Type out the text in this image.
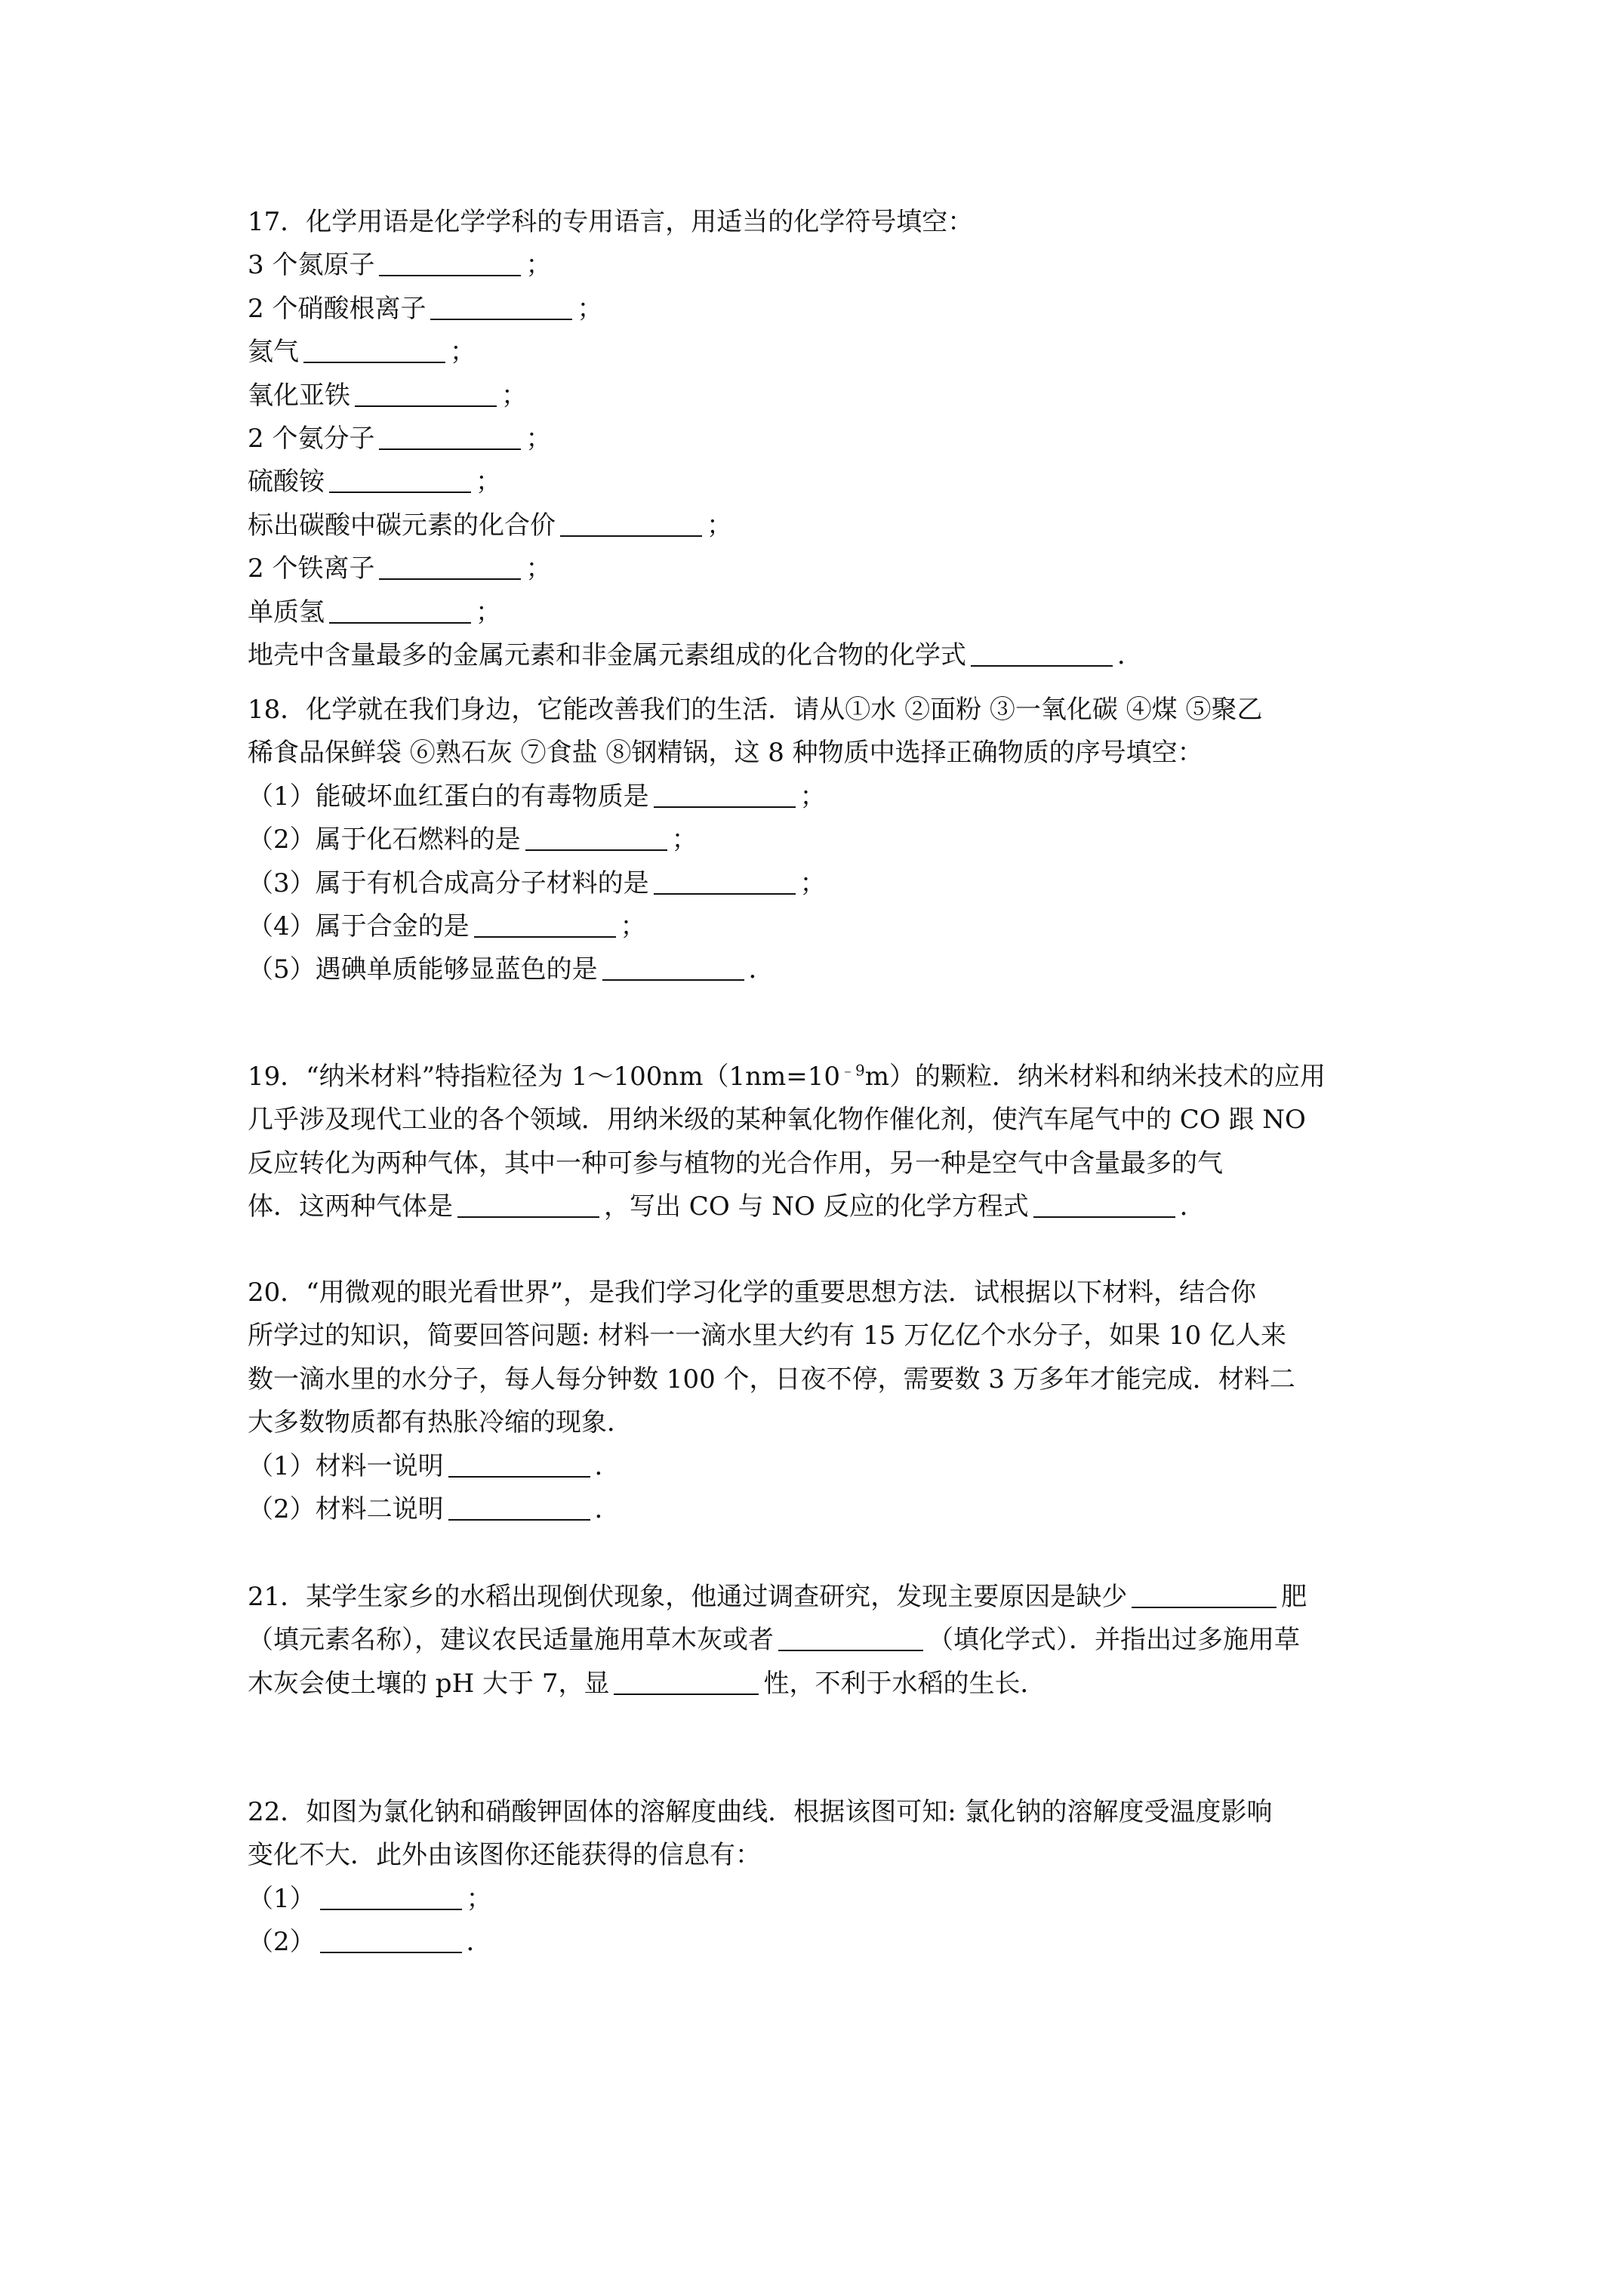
17．化学用语是化学学科的专用语言，用适当的化学符号填空：
3 个氮原子	；
2 个硝酸根离子	；
氦气	；
氧化亚铁	；
2 个氨分子	；
硫酸铵	；
标出碳酸中碳元素的化合价	；
2 个铁离子	；
单质氢	；
地壳中含量最多的金属元素和非金属元素组成的化合物的化学式	．
18．化学就在我们身边，它能改善我们的生活．请从①水 ②面粉 ③一氧化碳 ④煤 ⑤聚乙
稀食品保鲜袋 ⑥熟石灰 ⑦食盐 ⑧钢精锅，这 8 种物质中选择正确物质的序号填空：
（1）能破坏血红蛋白的有毒物质是	；
（2）属于化石燃料的是	；
（3）属于有机合成高分子材料的是	；
（4）属于合金的是	；
（5）遇碘单质能够显蓝色的是	．
19．“纳米材料”特指粒径为 $1\sim 100nm(1nm=10^{﹣9}m)$的颗粒．纳米材料和纳米技术的应用
几乎涉及现代工业的各个领域．用纳米级的某种氧化物作催化剂，使汽车尾气中的 CO 跟 NO
反应转化为两种气体，其中一种可参与植物的光合作用，另一种是空气中含量最多的气
体．这两种气体是	，写出 CO 与 NO 反应的化学方程式	．
20．“用微观的眼光看世界”，是我们学习化学的重要思想方法．试根据以下材料，结合你
所学过的知识，简要回答问题: 材料一一滴水里大约有 15 万亿亿个水分子，如果 10 亿人来
数一滴水里的水分子，每人每分钟数 100 个，日夜不停，需要数 3 万多年才能完成．材料二
大多数物质都有热胀冷缩的现象．
（1）材料一说明	．
（2）材料二说明	．
21．某学生家乡的水稻出现倒伏现象，他通过调查研究，发现主要原因是缺少	肥
（填元素名称），建议农民适量施用草木灰或者	（填化学式）．并指出过多施用草
木灰会使土壤的 pH 大于 7，显	性，不利于水稻的生长．
22．如图为氯化钠和硝酸钾固体的溶解度曲线．根据该图可知: 氯化钠的溶解度受温度影响
变化不大．此外由该图你还能获得的信息有：
（1）	；
（2）	．
